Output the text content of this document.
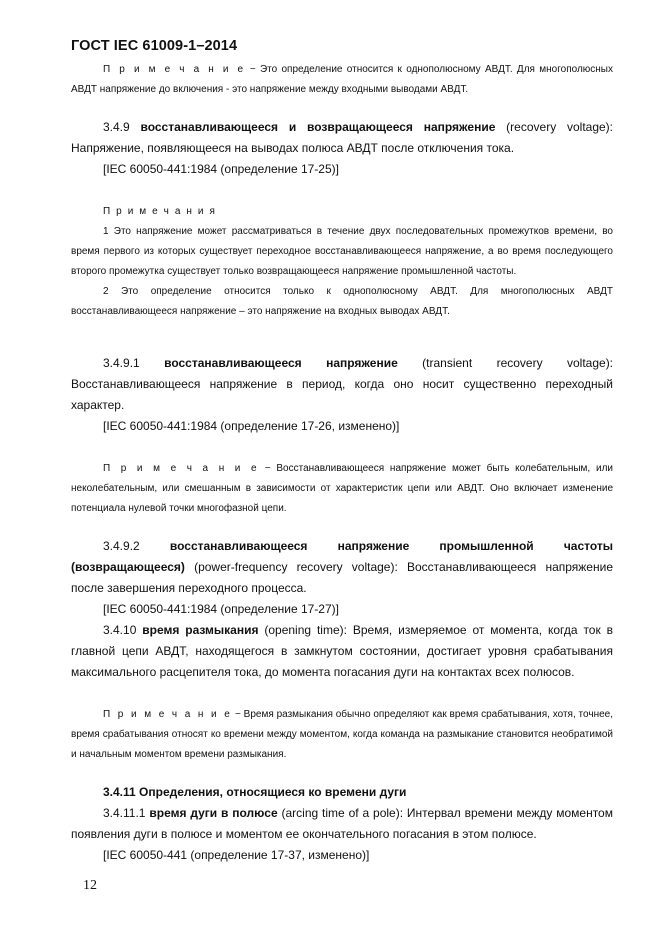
ГОСТ IEC 61009-1–2014

П р и м е ч а н и е − Это определение относится к однополюсному АВДТ. Для многополюсных АВДТ напряжение до включения - это напряжение между входными выводами АВДТ.

3.4.9 восстанавливающееся и возвращающееся напряжение (recovery voltage): Напряжение, появляющееся на выводах полюса АВДТ после отключения тока.

[IEC 60050-441:1984 (определение 17-25)]

П р и м е ч а н и я

1 Это напряжение может рассматриваться в течение двух последовательных промежутков времени, во время первого из которых существует переходное восстанавливающееся напряжение, а во время последующего второго промежутка существует только возвращающееся напряжение промышленной частоты.

2 Это определение относится только к однополюсному АВДТ. Для многополюсных АВДТ восстанавливающееся напряжение – это напряжение на входных выводах АВДТ.

3.4.9.1 восстанавливающееся напряжение (transient recovery voltage): Восстанавливающееся напряжение в период, когда оно носит существенно переходный характер.

[IEC 60050-441:1984 (определение 17-26, изменено)]

П р и м е ч а н и е − Восстанавливающееся напряжение может быть колебательным, или неколебательным, или смешанным в зависимости от характеристик цепи или АВДТ. Оно включает изменение потенциала нулевой точки многофазной цепи.

3.4.9.2 восстанавливающееся напряжение промышленной частоты (возвращающееся) (power-frequency recovery voltage): Восстанавливающееся напряжение после завершения переходного процесса.

[IEC 60050-441:1984 (определение 17-27)]

3.4.10 время размыкания (opening time): Время, измеряемое от момента, когда ток в главной цепи АВДТ, находящегося в замкнутом состоянии, достигает уровня срабатывания максимального расцепителя тока, до момента погасания дуги на контактах всех полюсов.

П р и м е ч а н и е − Время размыкания обычно определяют как время срабатывания, хотя, точнее, время срабатывания относят ко времени между моментом, когда команда на размыкание становится необратимой и начальным моментом времени размыкания.

3.4.11 Определения, относящиеся ко времени дуги

3.4.11.1 время дуги в полюсе (arcing time of a pole): Интервал времени между моментом появления дуги в полюсе и моментом ее окончательного погасания в этом полюсе.

[IEC 60050-441 (определение 17-37, изменено)]

12
